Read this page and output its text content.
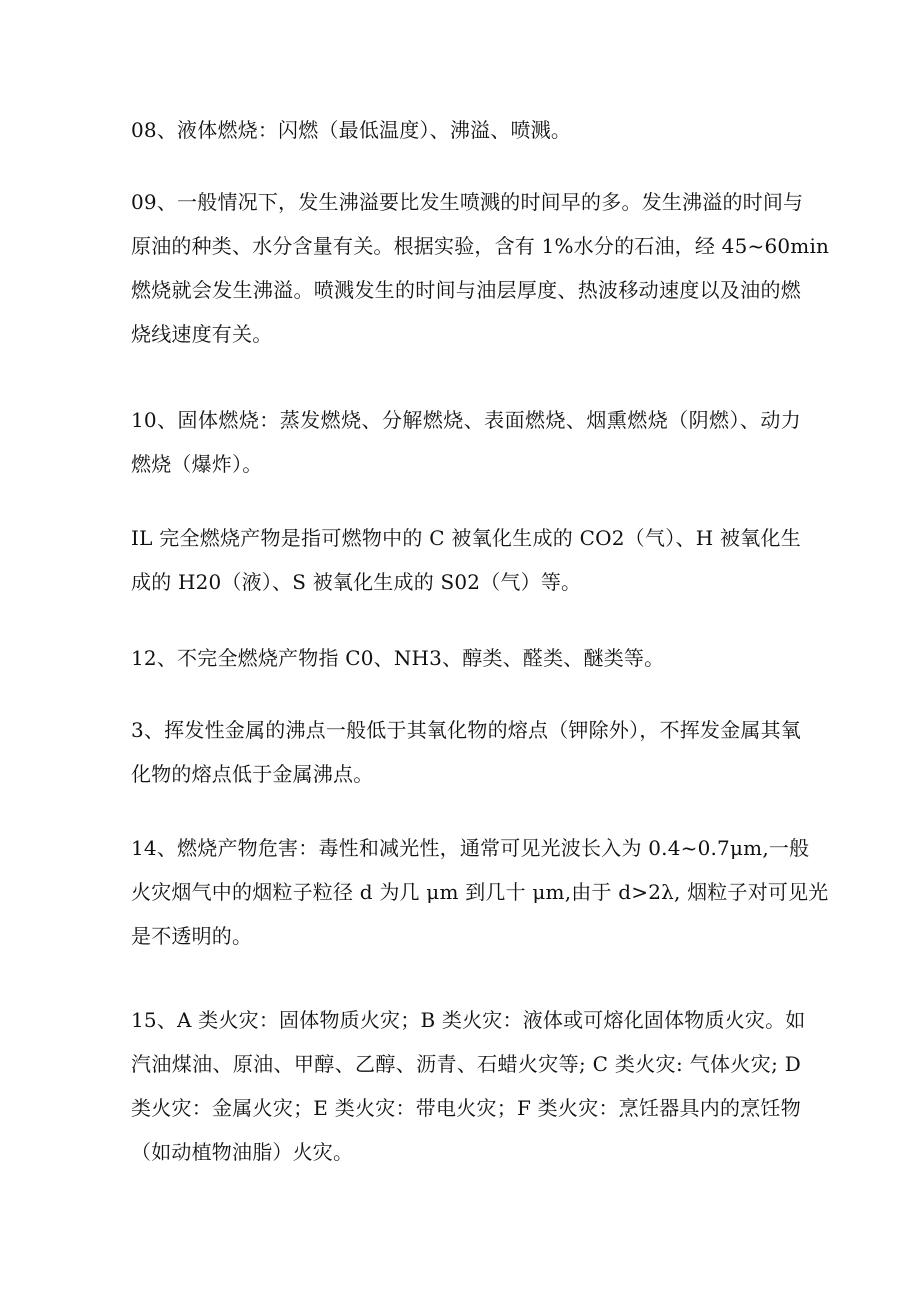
08、液体燃烧：闪燃（最低温度）、沸溢、喷溅。
09、一般情况下，发生沸溢要比发生喷溅的时间早的多。发生沸溢的时间与
原油的种类、水分含量有关。根据实验，含有 1%水分的石油，经 45~60min
燃烧就会发生沸溢。喷溅发生的时间与油层厚度、热波移动速度以及油的燃
烧线速度有关。
10、固体燃烧：蒸发燃烧、分解燃烧、表面燃烧、烟熏燃烧（阴燃）、动力
燃烧（爆炸）。
IL 完全燃烧产物是指可燃物中的 C 被氧化生成的 CO2（气）、H 被氧化生
成的 H20（液）、S 被氧化生成的 S02（气）等。
12、不完全燃烧产物指 C0、NH3、醇类、醛类、醚类等。
3、挥发性金属的沸点一般低于其氧化物的熔点（钾除外），不挥发金属其氧
化物的熔点低于金属沸点。
14、燃烧产物危害：毒性和减光性，通常可见光波长入为 0.4~0.7μm,一般
火灾烟气中的烟粒子粒径 d 为几 μm 到几十 μm,由于 d>2λ, 烟粒子对可见光
是不透明的。
15、A 类火灾：固体物质火灾；B 类火灾：液体或可熔化固体物质火灾。如
汽油煤油、原油、甲醇、乙醇、沥青、石蜡火灾等; C 类火灾: 气体火灾; D
类火灾：金属火灾；E 类火灾：带电火灾；F 类火灾：烹饪器具内的烹饪物
（如动植物油脂）火灾。
